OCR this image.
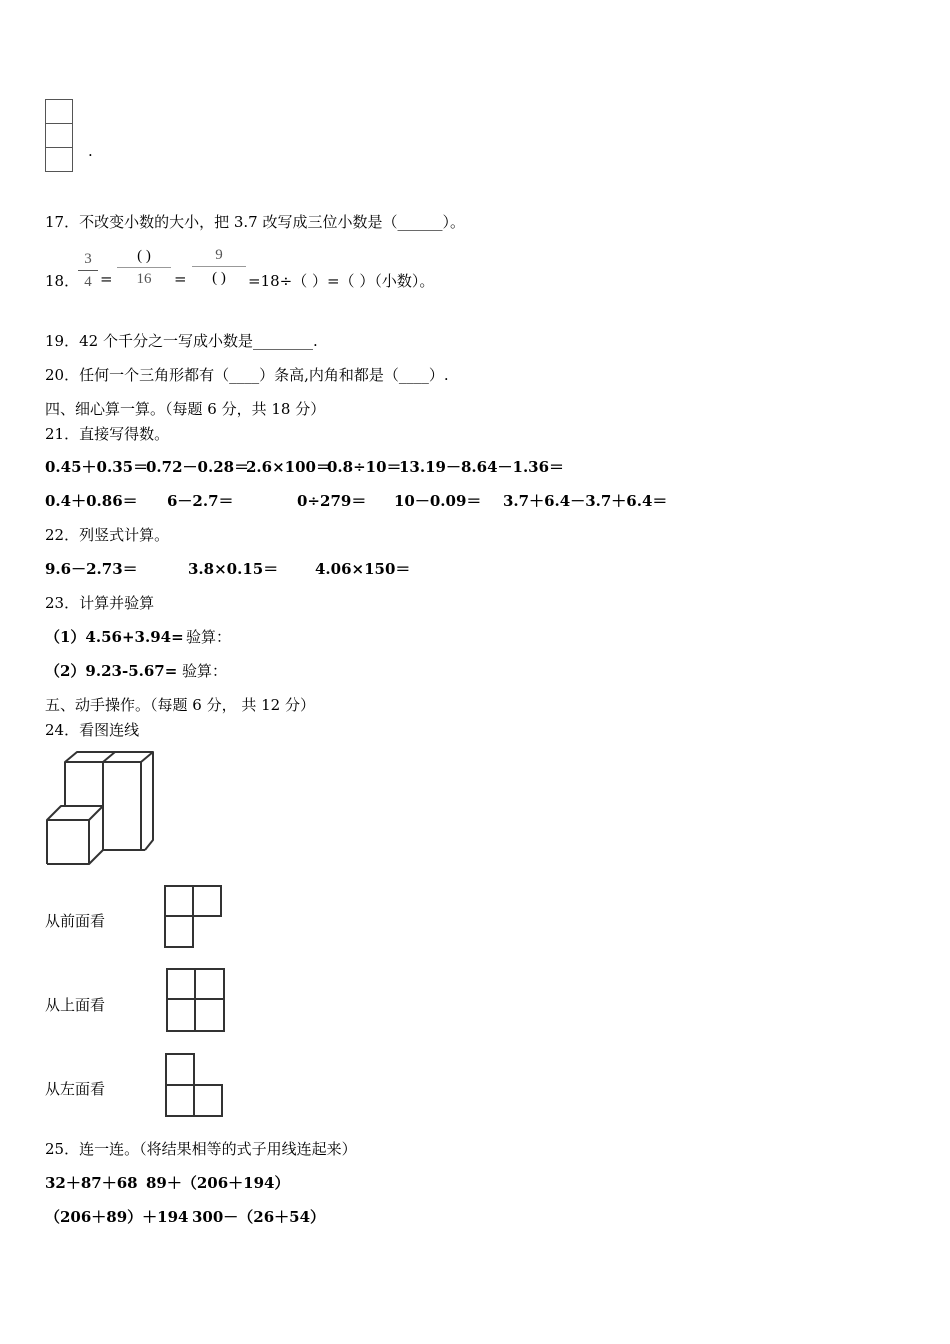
.
17．不改变小数的大小，把 3.7 改写成三位小数是（______）。
18．
3
4 =
( )
16	=
9
( )	=18÷（ ）=（ ）（小数）。
19．42 个千分之一写成小数是________.
20．任何一个三角形都有（____）条高,内角和都是（____）.
四、细心算一算。（每题 6 分，共 18 分）
21．直接写得数。
0.45＋0.35＝
0.72－0.28＝
2.6×100＝
0.8÷10＝
13.19－8.64－1.36＝
0.4＋0.86＝ 6－2.7＝	0÷279＝ 10－0.09＝ 3.7＋6.4－3.7＋6.4＝
22．列竖式计算。
9.6－2.73＝	3.8×0.15＝ 4.06×150＝
23．计算并验算
（1）4.56+3.94= 验算：
（2）9.23-5.67= 验算：
五、动手操作。（每题 6 分， 共 12 分）
24．看图连线
从前面看
从上面看
从左面看
25．连一连。（将结果相等的式子用线连起来）
32＋87＋68 89＋（206＋194）
（206＋89）＋194 300－（26＋54）
